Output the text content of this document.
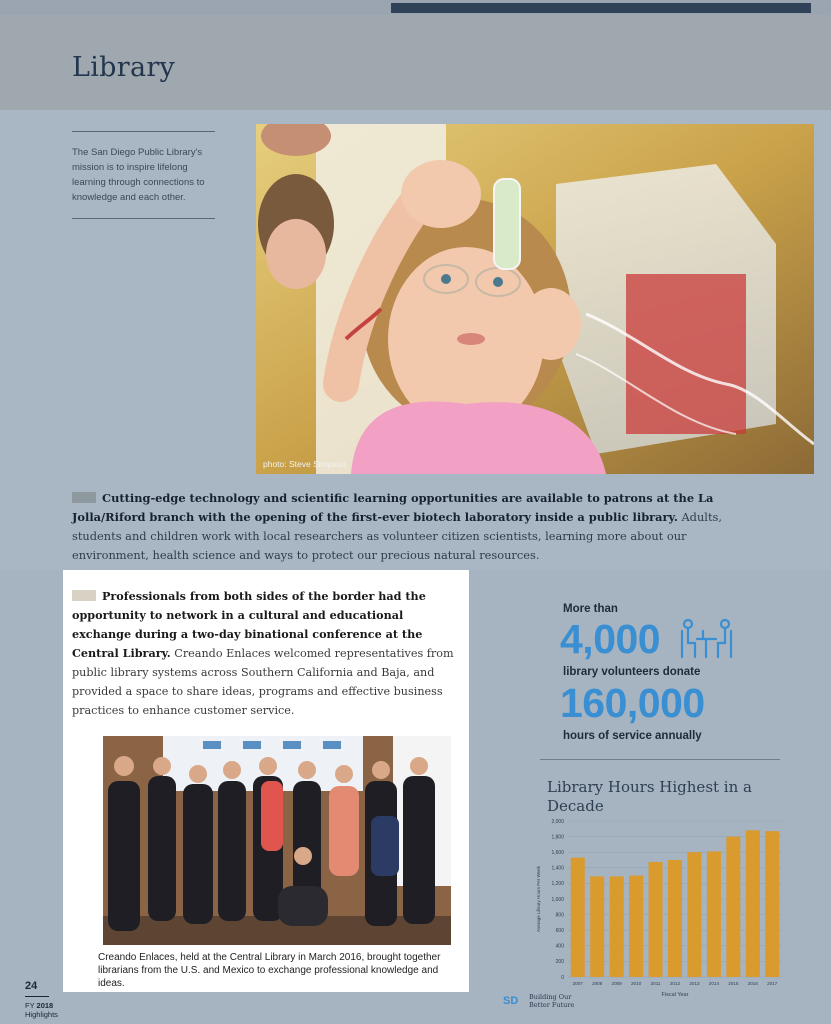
Library
The San Diego Public Library's mission is to inspire lifelong learning through connections to knowledge and each other.
photo: Steve Simpson
Cutting-edge technology and scientific learning opportunities are available to patrons at the La Jolla/Riford branch with the opening of the first-ever biotech laboratory inside a public library. Adults, students and children work with local researchers as volunteer citizen scientists, learning more about our environment, health science and ways to protect our precious natural resources.
Professionals from both sides of the border had the opportunity to network in a cultural and educational exchange during a two-day binational conference at the Central Library. Creando Enlaces welcomed representatives from public library systems across Southern California and Baja, and provided a space to share ideas, programs and effective business practices to enhance customer service.
Creando Enlaces, held at the Central Library in March 2016, brought together librarians from the U.S. and Mexico to exchange professional knowledge and ideas.
More than
4,000
library volunteers donate
160,000
hours of service annually
Library Hours Highest in a Decade
0
200
400
600
800
1,000
1,200
1,400
1,600
1,800
2,000
2007 2008 2009 2010 2011 2012 2013 2014 2015 2016 2017
Average Library Hours Per Week
Fiscal Year
24
FY 2018
Highlights
SD Building Our
Better Future
